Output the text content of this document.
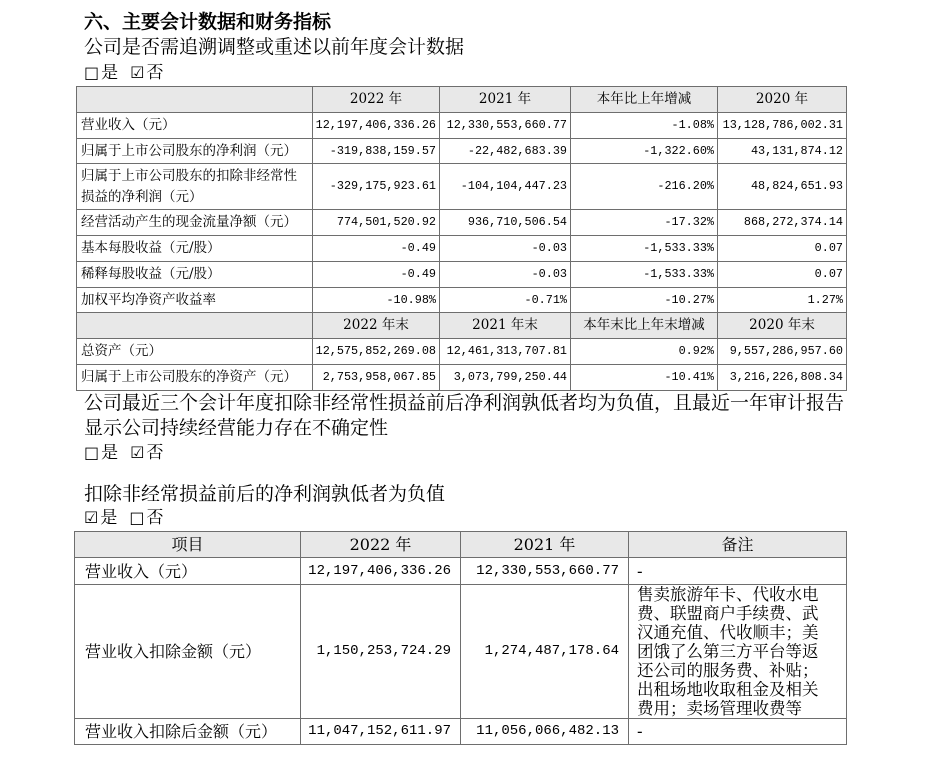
六、主要会计数据和财务指标
公司是否需追溯调整或重述以前年度会计数据
□ 是 ☑ 否
	2022 年	2021 年	本年比上年增减	2020 年
营业收入（元）	12,197,406,336.26	12,330,553,660.77	-1.08%	13,128,786,002.31
归属于上市公司股东的净利润（元）	-319,838,159.57	-22,482,683.39	-1,322.60%	43,131,874.12
归属于上市公司股东的扣除非经常性损益的净利润（元）	-329,175,923.61	-104,104,447.23	-216.20%	48,824,651.93
经营活动产生的现金流量净额（元）	774,501,520.92	936,710,506.54	-17.32%	868,272,374.14
基本每股收益（元/股）	-0.49	-0.03	-1,533.33%	0.07
稀释每股收益（元/股）	-0.49	-0.03	-1,533.33%	0.07
加权平均净资产收益率	-10.98%	-0.71%	-10.27%	1.27%
	2022 年末	2021 年末	本年末比上年末增减	2020 年末
总资产（元）	12,575,852,269.08	12,461,313,707.81	0.92%	9,557,286,957.60
归属于上市公司股东的净资产（元）	2,753,958,067.85	3,073,799,250.44	-10.41%	3,216,226,808.34
公司最近三个会计年度扣除非经常性损益前后净利润孰低者均为负值，且最近一年审计报告显示公司持续经营能力存在不确定性
□ 是 ☑ 否
扣除非经常损益前后的净利润孰低者为负值
☑ 是 □ 否
项目	2022 年	2021 年	备注
营业收入（元）	12,197,406,336.26	12,330,553,660.77	-
营业收入扣除金额（元）	1,150,253,724.29	1,274,487,178.64	售卖旅游年卡、代收水电费、联盟商户手续费、武汉通充值、代收顺丰；美团饿了么第三方平台等返还公司的服务费、补贴；出租场地收取租金及相关费用；卖场管理收费等
营业收入扣除后金额（元）	11,047,152,611.97	11,056,066,482.13	-
